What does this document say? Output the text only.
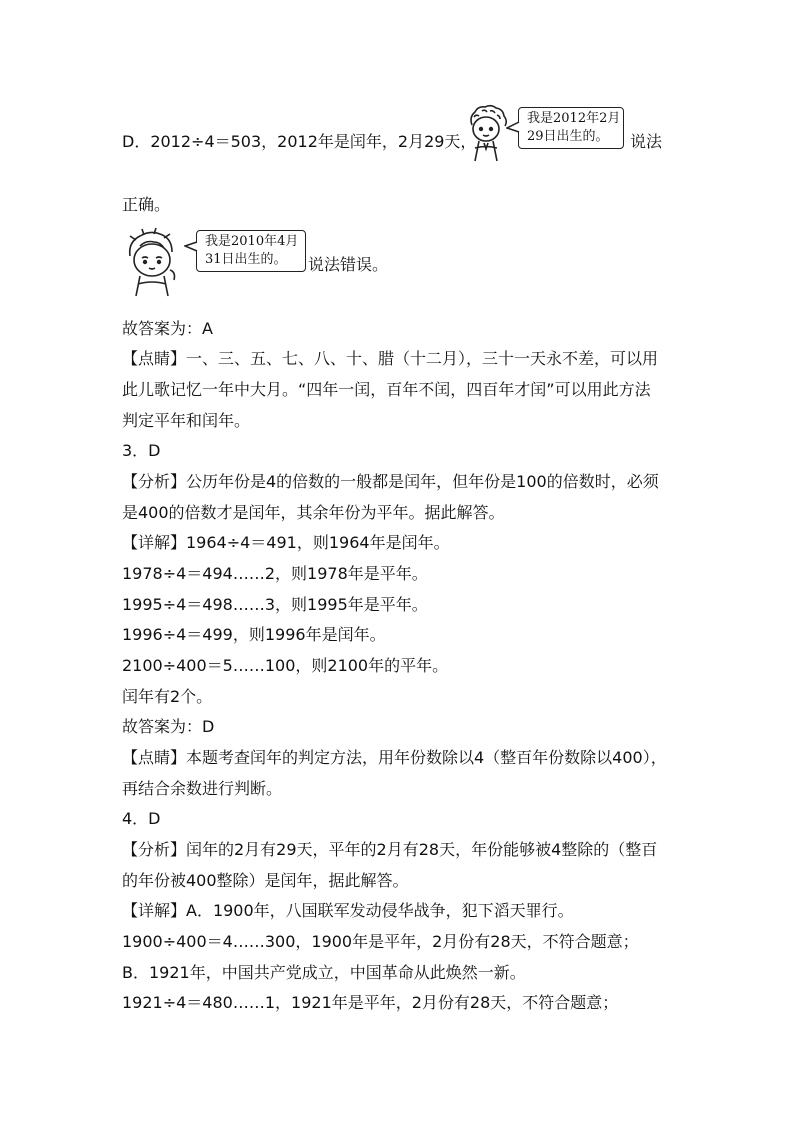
D．2012÷4＝503，2012年是闰年，2月29天，
我是2012年2月
29日出生的。	说法
正确。
我是2010年4月
31日出生的。	说法错误。
故答案为：A
【点睛】一、三、五、七、八、十、腊（十二月），三十一天永不差，可以用
此儿歌记忆一年中大月。“四年一闰，百年不闰，四百年才闰”可以用此方法
判定平年和闰年。
3．D
【分析】公历年份是4的倍数的一般都是闰年，但年份是100的倍数时，必须
是400的倍数才是闰年，其余年份为平年。据此解答。
【详解】1964÷4＝491，则1964年是闰年。
1978÷4＝494……2，则1978年是平年。
1995÷4＝498……3，则1995年是平年。
1996÷4＝499，则1996年是闰年。
2100÷400＝5……100，则2100年的平年。
闰年有2个。
故答案为：D
【点睛】本题考查闰年的判定方法，用年份数除以4（整百年份数除以400），
再结合余数进行判断。
4．D
【分析】闰年的2月有29天，平年的2月有28天，年份能够被4整除的（整百
的年份被400整除）是闰年，据此解答。
【详解】A．1900年，八国联军发动侵华战争，犯下滔天罪行。
1900÷400＝4……300，1900年是平年，2月份有28天，不符合题意；
B．1921年，中国共产党成立，中国革命从此焕然一新。
1921÷4＝480……1，1921年是平年，2月份有28天，不符合题意；
